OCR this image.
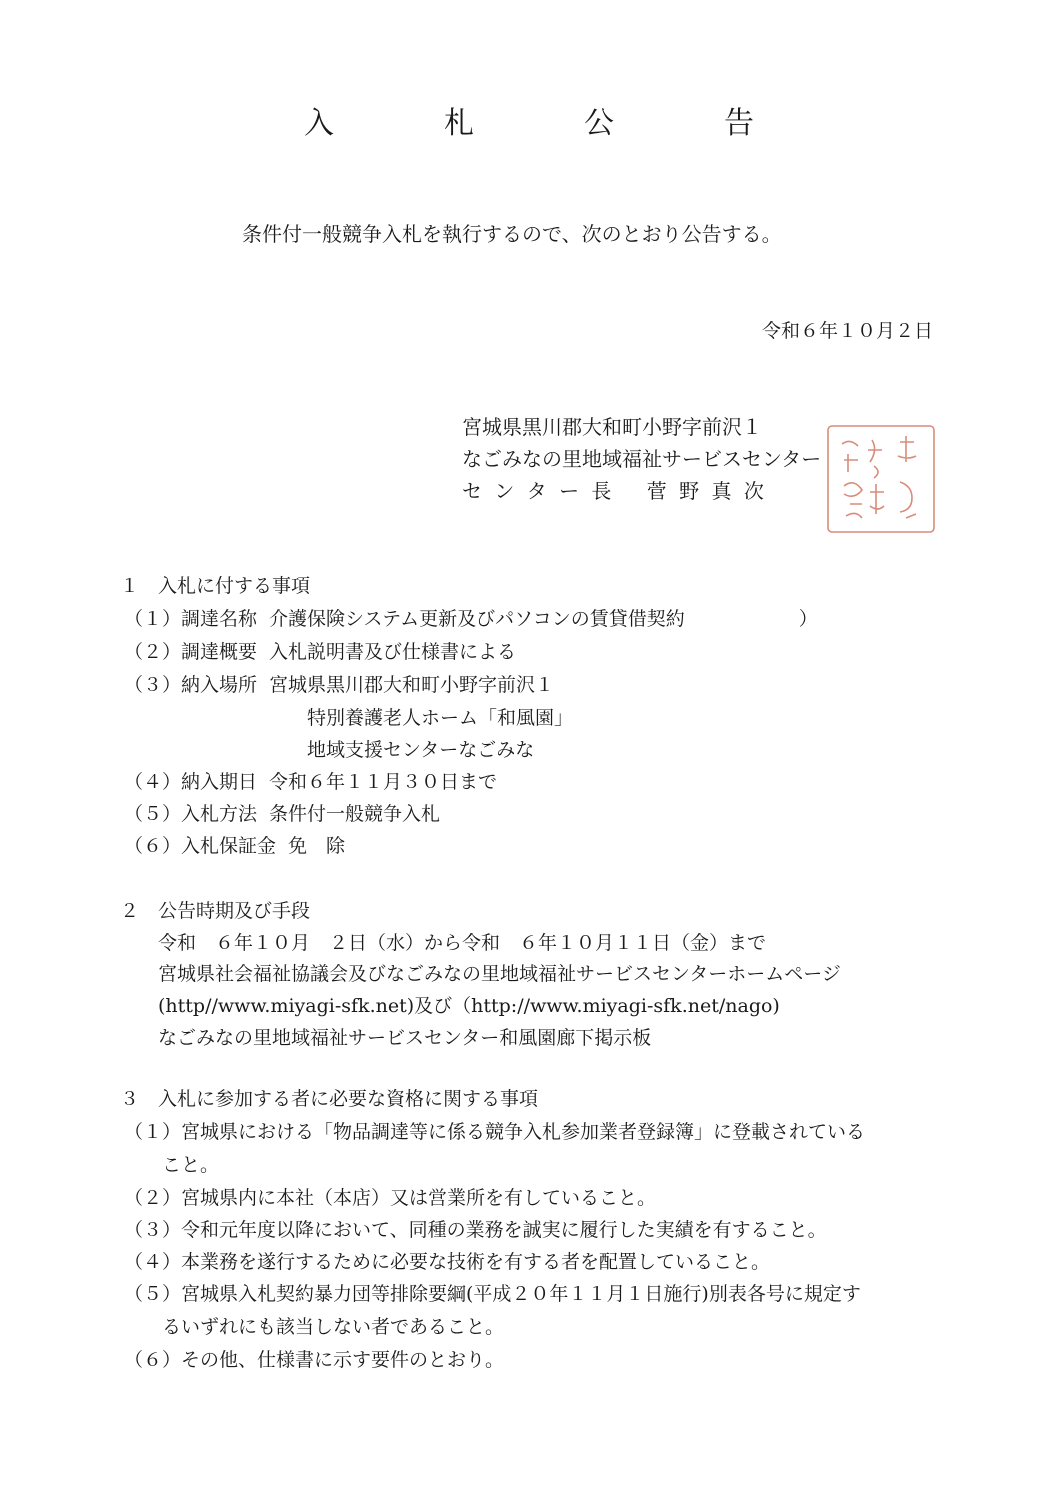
入　札　公　告
条件付一般競争入札を執行するので、次のとおり公告する。
令和６年１０月２日
宮城県黒川郡大和町小野字前沢１
なごみなの里地域福祉サービスセンター
セ ン タ ー 長　 菅 野 真 次
１　入札に付する事項
（１）調達名称 介護保険システム更新及びパソコンの賃貸借契約　　　　　　）
（２）調達概要 入札説明書及び仕様書による
（３）納入場所 宮城県黒川郡大和町小野字前沢１
特別養護老人ホーム「和風園」
地域支援センターなごみな
（４）納入期日 令和６年１１月３０日まで
（５）入札方法 条件付一般競争入札
（６）入札保証金 免　除
２　公告時期及び手段
令和　６年１０月　２日（水）から令和　６年１０月１１日（金）まで
宮城県社会福祉協議会及びなごみなの里地域福祉サービスセンターホームページ
(http//www.miyagi-sfk.net)及び（http://www.miyagi-sfk.net/nago)
なごみなの里地域福祉サービスセンター和風園廊下掲示板
３　入札に参加する者に必要な資格に関する事項
（１）宮城県における「物品調達等に係る競争入札参加業者登録簿」に登載されている
こと。
（２）宮城県内に本社（本店）又は営業所を有していること。
（３）令和元年度以降において、同種の業務を誠実に履行した実績を有すること。
（４）本業務を遂行するために必要な技術を有する者を配置していること。
（５）宮城県入札契約暴力団等排除要綱(平成２０年１１月１日施行)別表各号に規定す
るいずれにも該当しない者であること。
（６）その他、仕様書に示す要件のとおり。
